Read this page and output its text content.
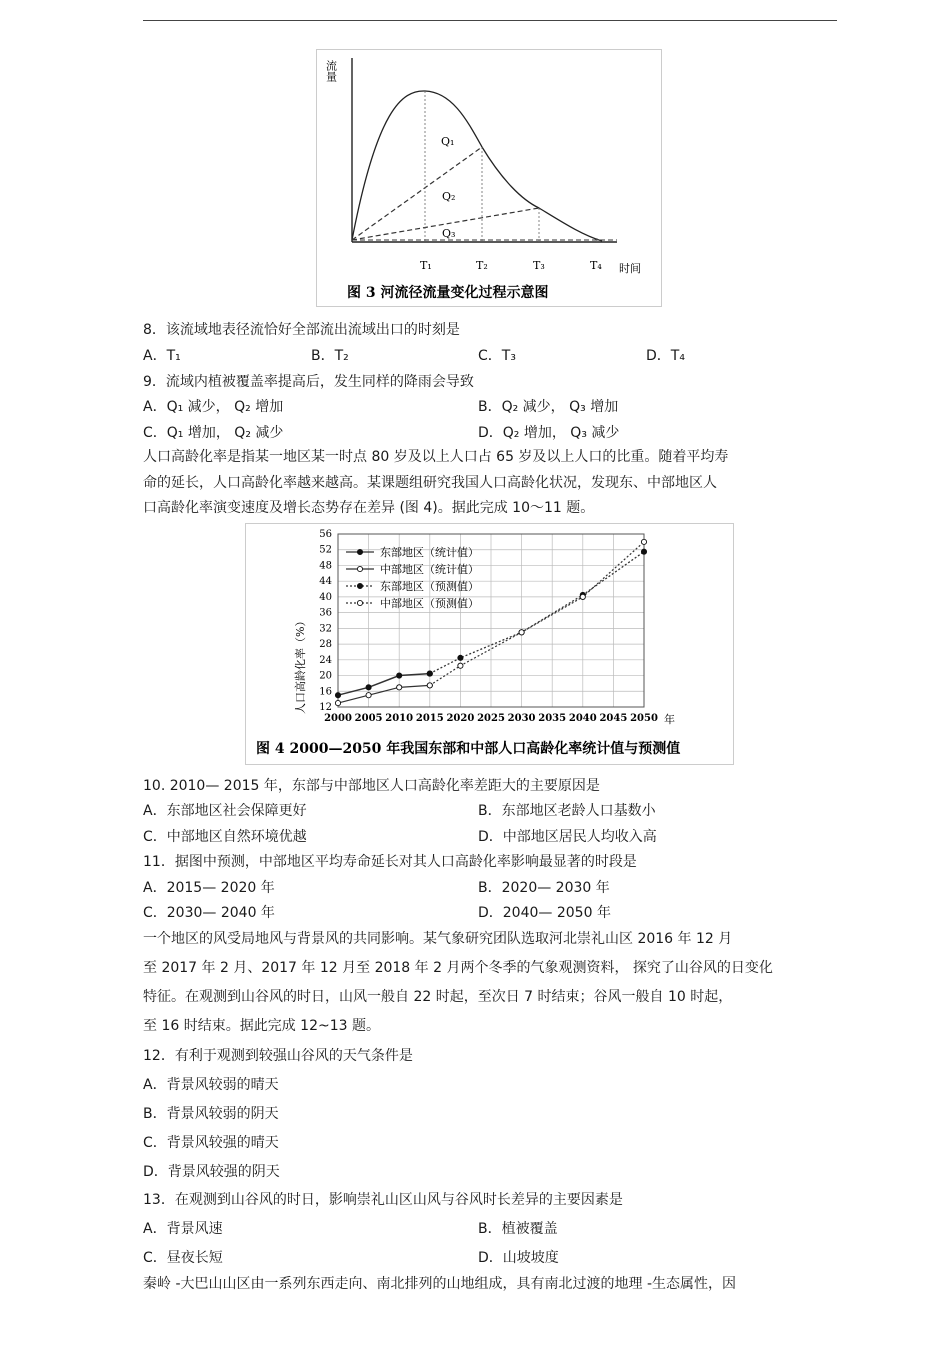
流量
Q₁
Q₂
Q₃
T₁	T₂	T₃	T₄ 时间
图 3 河流径流量变化过程示意图
8．该流域地表径流恰好全部流出流域出口的时刻是
A．T₁	B．T₂	C．T₃	D．T₄
9．流域内植被覆盖率提高后，发生同样的降雨会导致
A．Q₁ 减少， Q₂ 增加	B．Q₂ 减少， Q₃ 增加
C．Q₁ 增加， Q₂ 减少	D．Q₂ 增加， Q₃ 减少
人口高龄化率是指某一地区某一时点 80 岁及以上人口占 65 岁及以上人口的比重。随着平均寿
命的延长，人口高龄化率越来越高。某课题组研究我国人口高龄化状况，发现东、中部地区人
口高龄化率演变速度及增长态势存在差异 (图 4)。据此完成 10～11 题。
人口高龄化率（%）
东部地区（统计值）
中部地区（统计值）
东部地区（预测值）
中部地区（预测值）
12
16
20
24
28
32
36
40
44
48
52
56
2000 2005 2010 2015 2020 2025 2030 2035 2040 2045 2050 年
图 4 2000—2050 年我国东部和中部人口高龄化率统计值与预测值
10. 2010— 2015 年，东部与中部地区人口高龄化率差距大的主要原因是
A．东部地区社会保障更好	B．东部地区老龄人口基数小
C．中部地区自然环境优越	D．中部地区居民人均收入高
11．据图中预测，中部地区平均寿命延长对其人口高龄化率影响最显著的时段是
A．2015— 2020 年	B．2020— 2030 年
C．2030— 2040 年	D．2040— 2050 年
一个地区的风受局地风与背景风的共同影响。某气象研究团队选取河北崇礼山区 2016 年 12 月
至 2017 年 2 月、2017 年 12 月至 2018 年 2 月两个冬季的气象观测资料， 探究了山谷风的日变化
特征。在观测到山谷风的时日，山风一般自 22 时起，至次日 7 时结束；谷风一般自 10 时起，
至 16 时结束。据此完成 12~13 题。
12．有利于观测到较强山谷风的天气条件是
A．背景风较弱的晴天
B．背景风较弱的阴天
C．背景风较强的晴天
D．背景风较强的阴天
13．在观测到山谷风的时日，影响崇礼山区山风与谷风时长差异的主要因素是
A．背景风速	B．植被覆盖
C．昼夜长短	D．山坡坡度
秦岭 -大巴山山区由一系列东西走向、南北排列的山地组成，具有南北过渡的地理 -生态属性，因
